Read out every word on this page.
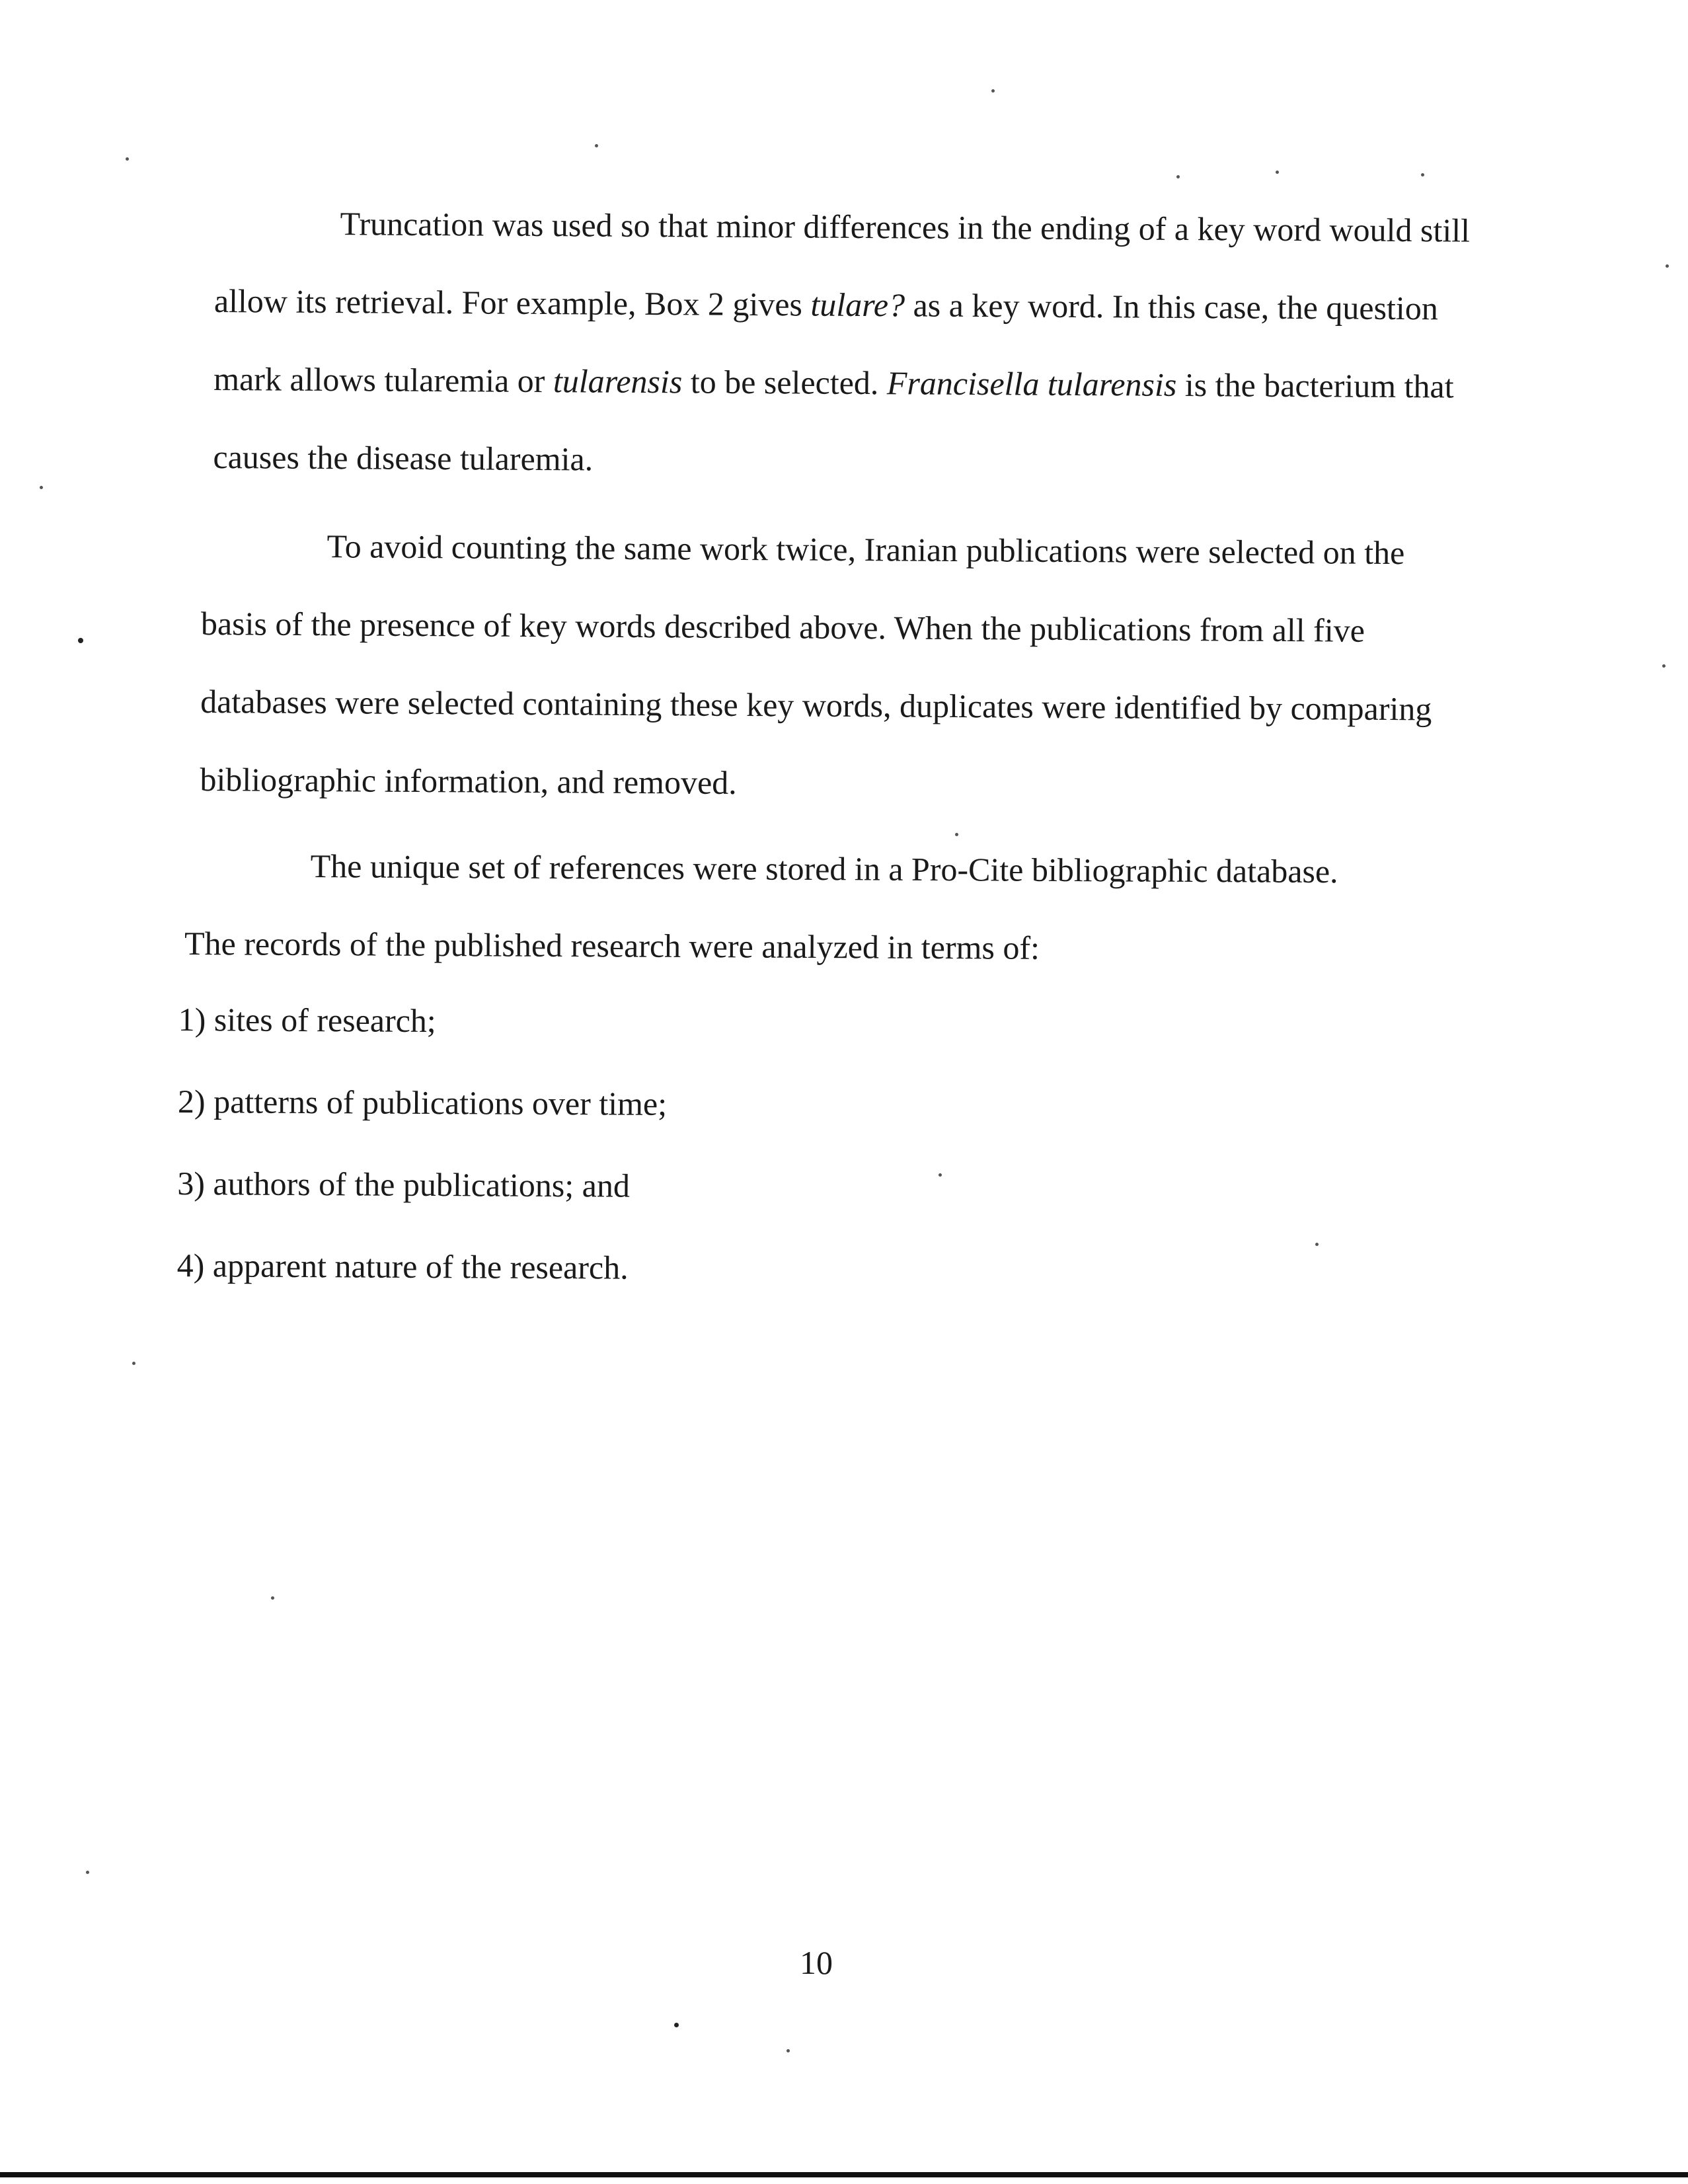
Truncation was used so that minor differences in the ending of a key word would still
allow its retrieval. For example, Box 2 gives tulare? as a key word. In this case, the question
mark allows tularemia or tularensis to be selected. Francisella tularensis is the bacterium that
causes the disease tularemia.

To avoid counting the same work twice, Iranian publications were selected on the
basis of the presence of key words described above. When the publications from all five
databases were selected containing these key words, duplicates were identified by comparing
bibliographic information, and removed.

The unique set of references were stored in a Pro-Cite bibliographic database.
The records of the published research were analyzed in terms of:

1) sites of research;
2) patterns of publications over time;
3) authors of the publications; and
4) apparent nature of the research.
10
